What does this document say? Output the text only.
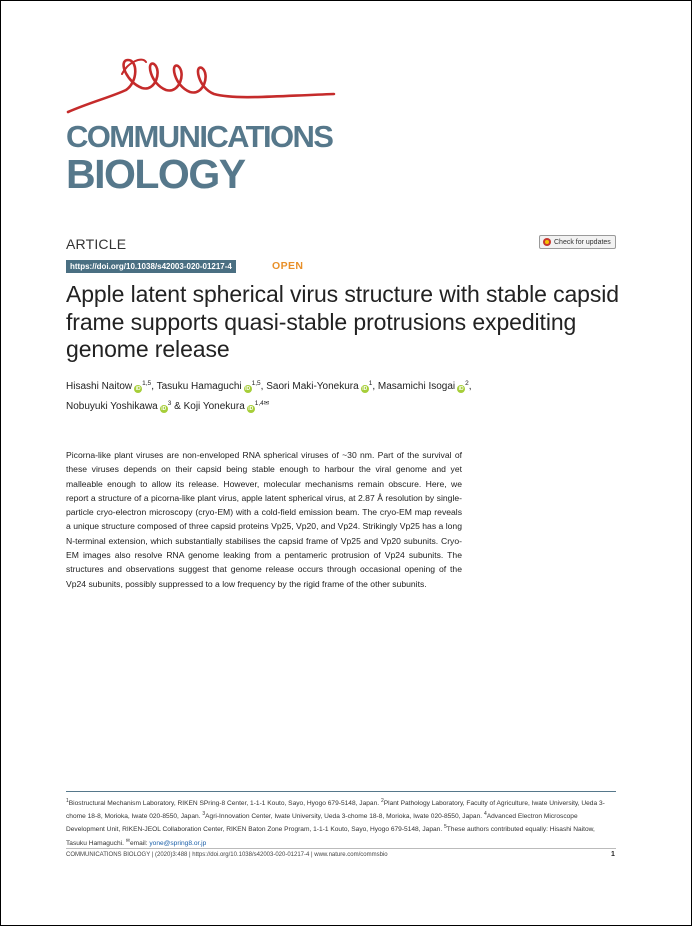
COMMUNICATIONS
BIOLOGY
ARTICLE	Check for updates
https://doi.org/10.1038/s42003-020-01217-4	OPEN
Apple latent spherical virus structure with stable capsid frame supports quasi-stable protrusions expediting genome release
Hisashi Naitow iD$^{1,5}$, Tasuku Hamaguchi iD$^{1,5}$, Saori Maki-Yonekura $iD^1$, Masamichi Isogai $iD^2$,
Nobuyuki Yoshikawa $iD^3$ & Koji Yonekura $iD^{1,4✉}$

Picorna-like plant viruses are non-enveloped RNA spherical viruses of ~30 nm. Part of the survival of these viruses depends on their capsid being stable enough to harbour the viral genome and yet malleable enough to allow its release. However, molecular mechanisms remain obscure. Here, we report a structure of a picorna-like plant virus, apple latent spherical virus, at 2.87 Å resolution by single-particle cryo-electron microscopy (cryo-EM) with a cold-field emission beam. The cryo-EM map reveals a unique structure composed of three capsid proteins Vp25, Vp20, and Vp24. Strikingly Vp25 has a long N-terminal extension, which substantially stabilises the capsid frame of Vp25 and Vp20 subunits. Cryo-EM images also resolve RNA genome leaking from a pentameric protrusion of Vp24 subunits. The structures and observations suggest that genome release occurs through occasional opening of the Vp24 subunits, possibly suppressed to a low frequency by the rigid frame of the other subunits.

$^1$Biostructural Mechanism Laboratory, RIKEN SPring-8 Center, 1-1-1 Kouto, Sayo, Hyogo 679-5148, Japan. $^2$Plant Pathology Laboratory, Faculty of Agriculture, Iwate University, Ueda 3-chome 18-8, Morioka, Iwate 020-8550, Japan. $^3$Agri-Innovation Center, Iwate University, Ueda 3-chome 18-8, Morioka, Iwate 020-8550, Japan. $^4$Advanced Electron Microscope Development Unit, RIKEN-JEOL Collaboration Center, RIKEN Baton Zone Program, 1-1-1 Kouto, Sayo, Hyogo 679-5148, Japan. $^5$These authors contributed equally: Hisashi Naitow, Tasuku Hamaguchi. ✉email: yone@spring8.or.jp
COMMUNICATIONS BIOLOGY | (2020)3:488 | https://doi.org/10.1038/s42003-020-01217-4 | www.nature.com/commsbio	1
